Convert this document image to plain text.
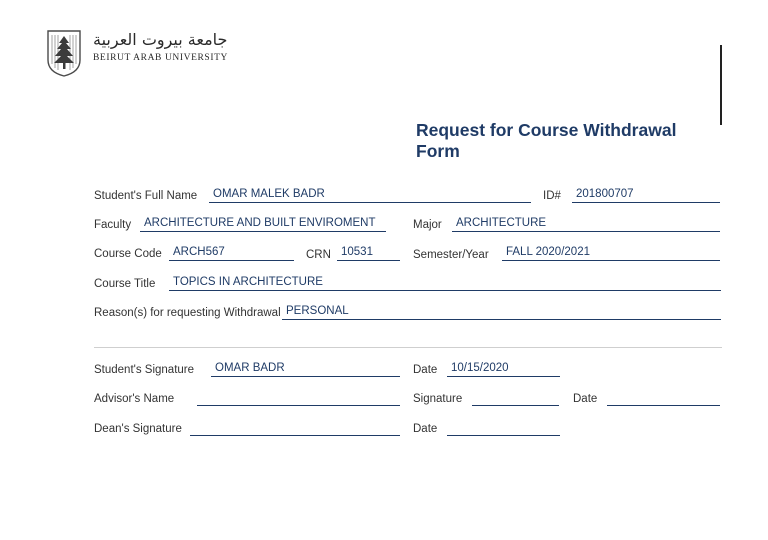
جامعة بيروت العربية
BEIRUT ARAB UNIVERSITY
Request for Course Withdrawal Form
Student's Full Name OMAR MALEK BADR	ID# 201800707
Faculty ARCHITECTURE AND BUILT ENVIROMENT	Major ARCHITECTURE
Course Code ARCH567	CRN 10531	Semester/Year FALL 2020/2021
Course Title TOPICS IN ARCHITECTURE
Reason(s) for requesting Withdrawal PERSONAL
Student's Signature OMAR BADR	Date 10/15/2020
Advisor's Name	Signature	Date
Dean's Signature	Date
